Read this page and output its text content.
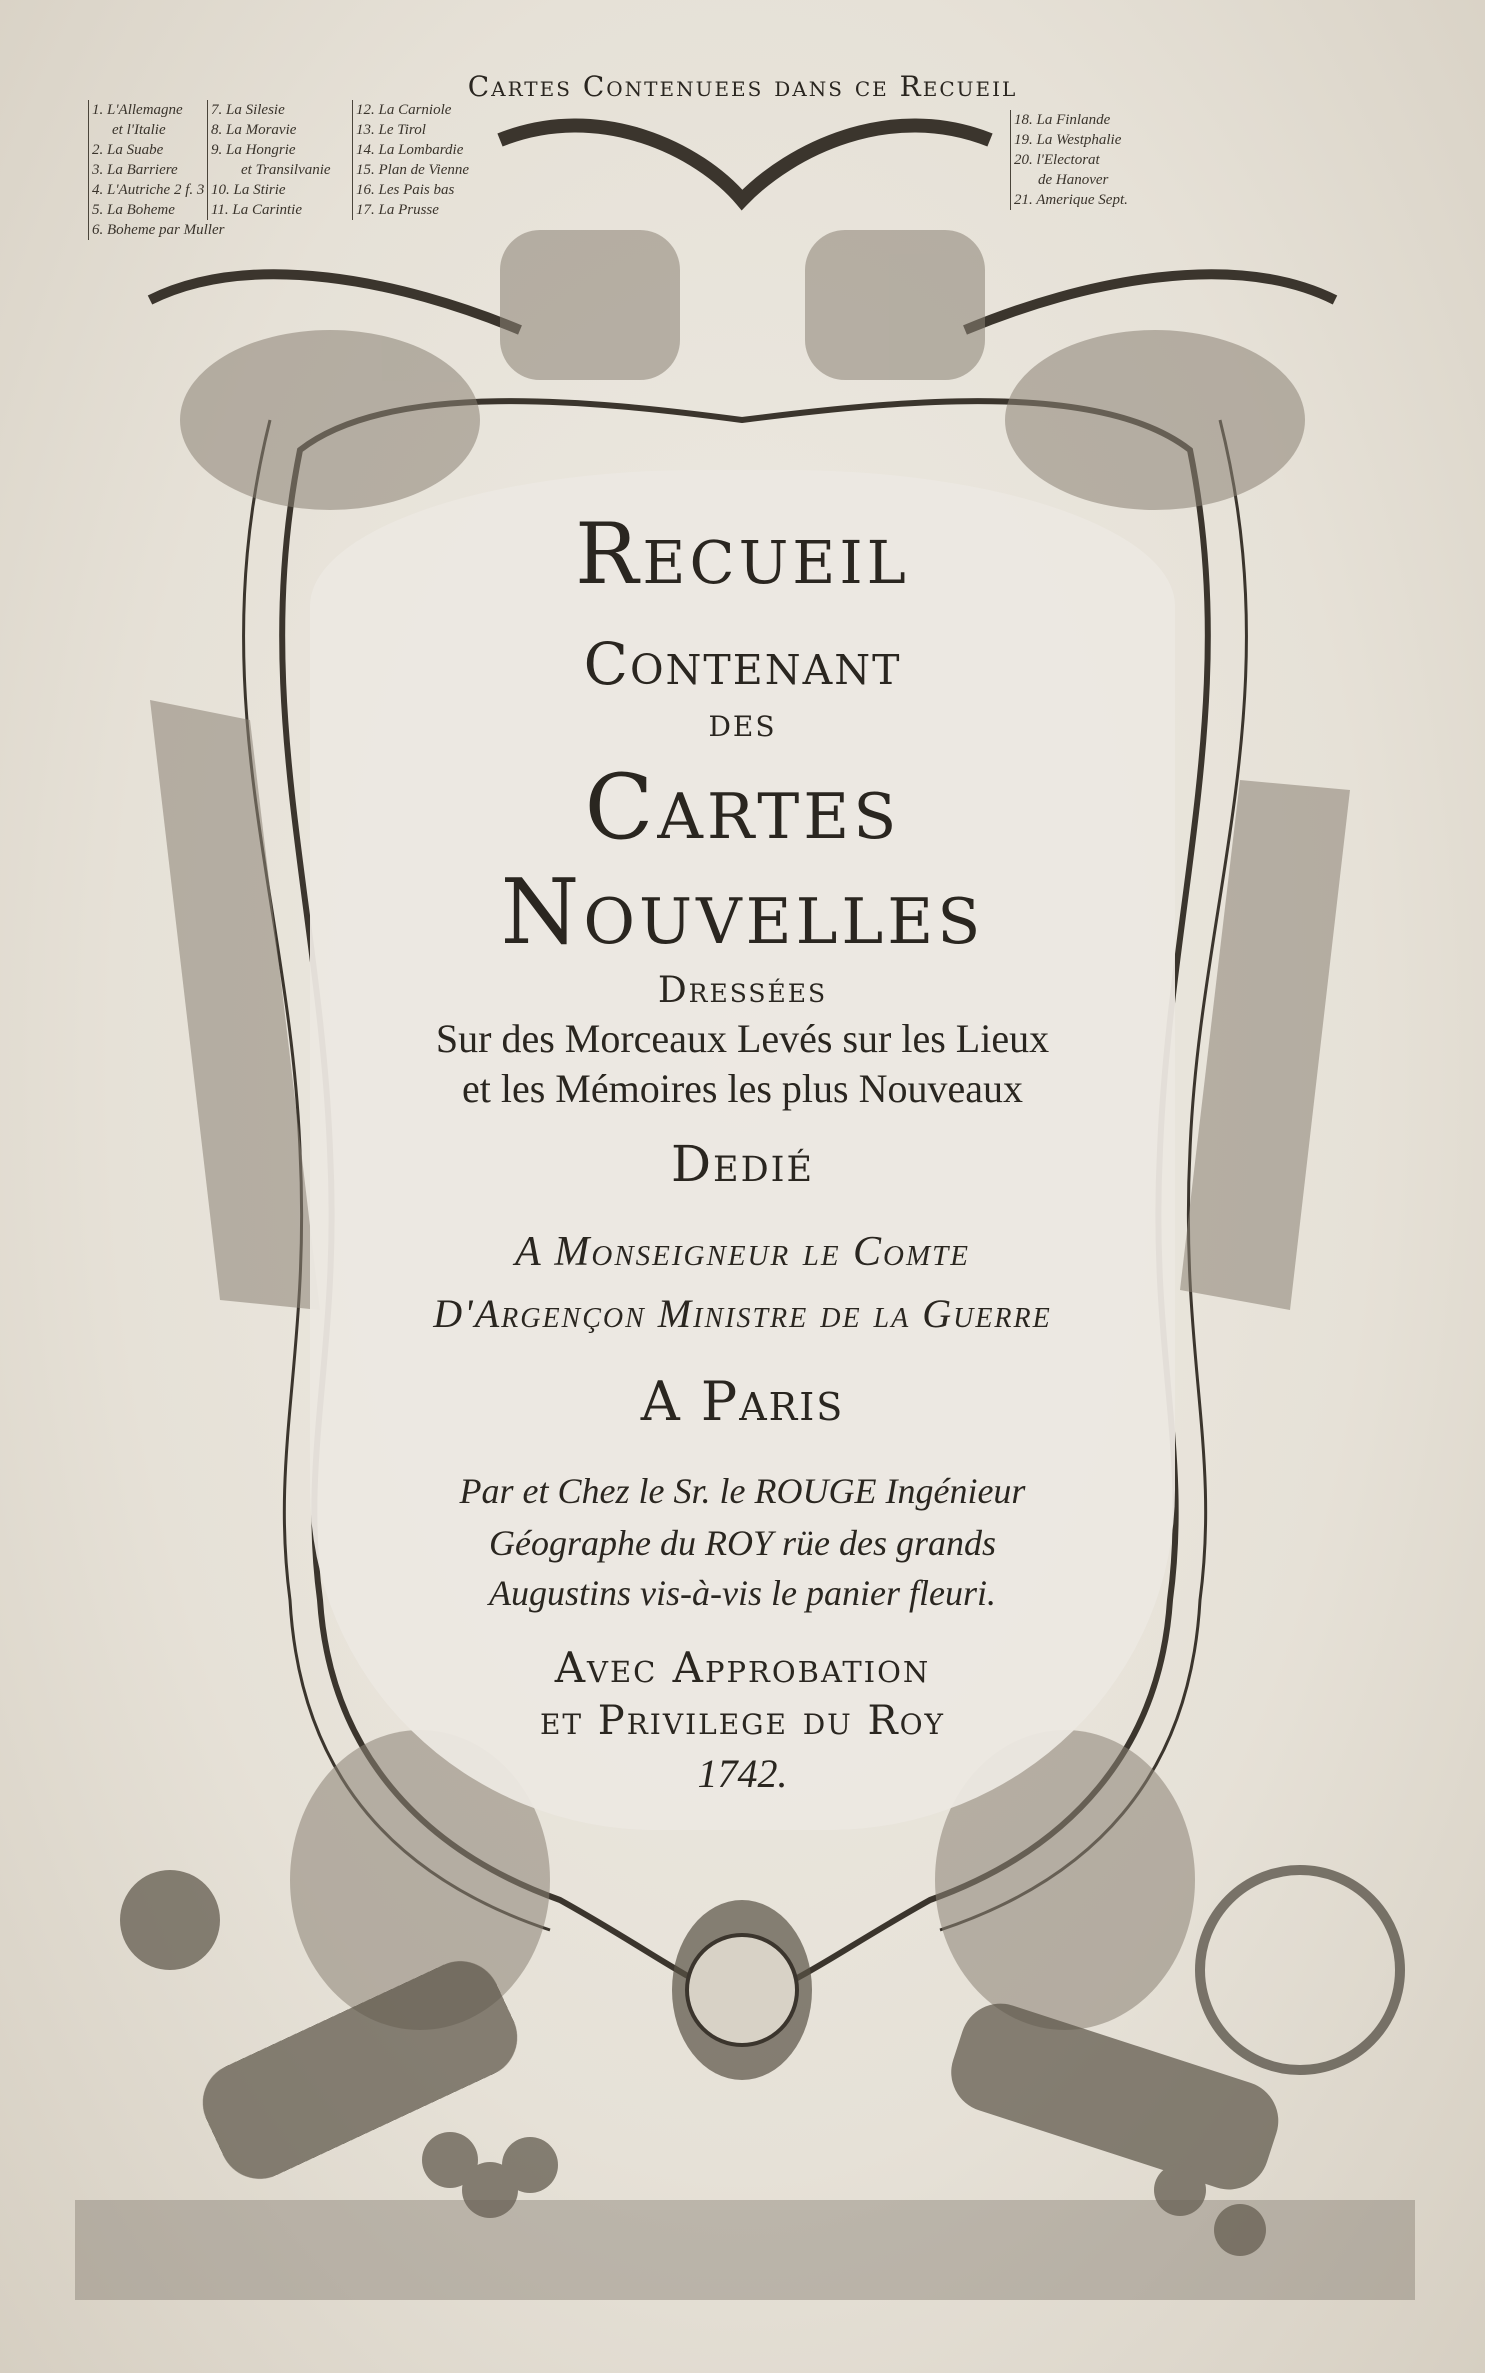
Cartes Contenuees dans ce Recueil
1. L'Allemagne
et l'Italie
2. La Suabe
3. La Barriere
4. L'Autriche 2 f. 3
5. La Boheme
6. Boheme par Muller
7. La Silesie
8. La Moravie
9. La Hongrie
et Transilvanie
10. La Stirie
11. La Carintie
12. La Carniole
13. Le Tirol
14. La Lombardie
15. Plan de Vienne
16. Les Pais bas
17. La Prusse
18. La Finlande
19. La Westphalie
20. l'Electorat
de Hanover
21. Amerique Sept.
Recueil
Contenant
des
Cartes
Nouvelles
Dressées
Sur des Morceaux Levés sur les Lieux
et les Mémoires les plus Nouveaux
Dedié
A Monseigneur le Comte
D'Argençon Ministre de la Guerre
A Paris
Par et Chez le Sr. le ROUGE Ingénieur
Géographe du ROY rüe des grands
Augustins vis-à-vis le panier fleuri.
Avec Approbation
et Privilege du Roy
1742.
